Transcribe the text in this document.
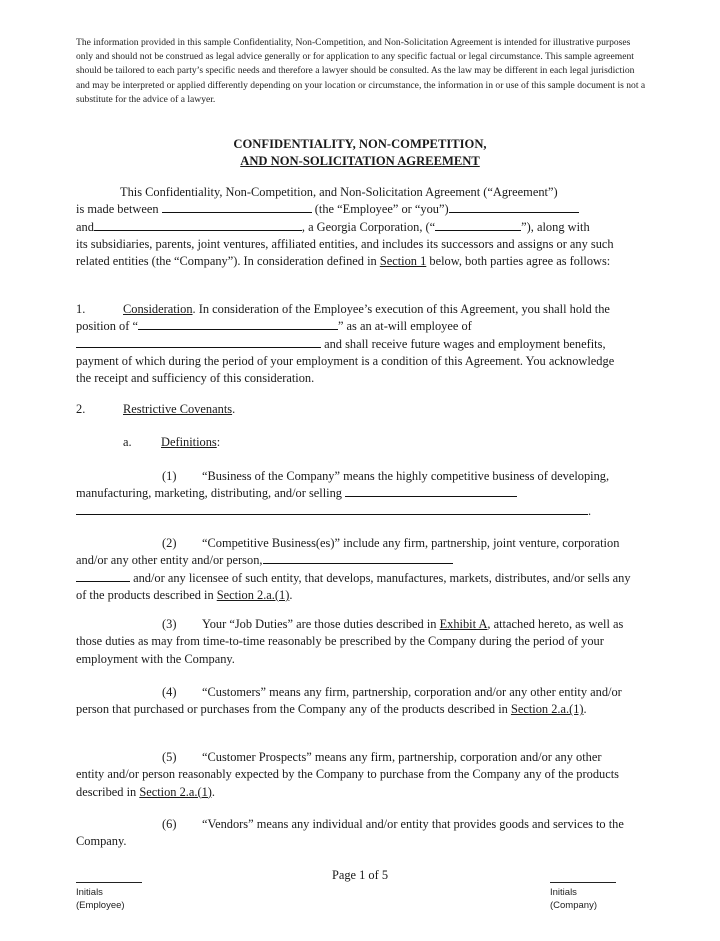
The information provided in this sample Confidentiality, Non-Competition, and Non-Solicitation Agreement is intended for illustrative purposes only and should not be construed as legal advice generally or for application to any specific factual or legal circumstance. This sample agreement should be tailored to each party’s specific needs and therefore a lawyer should be consulted. As the law may be different in each legal jurisdiction and may be interpreted or applied differently depending on your location or circumstance, the information in or use of this sample document is not a substitute for the advice of a lawyer.
CONFIDENTIALITY, NON-COMPETITION,
AND NON-SOLICITATION AGREEMENT
This Confidentiality, Non-Competition, and Non-Solicitation Agreement (“Agreement”)
is made between	(the “Employee” or “you”)
and	, a Georgia Corporation, (“	”), along with
its subsidiaries, parents, joint ventures, affiliated entities, and includes its successors and assigns or any such related entities (the “Company”). In consideration defined in Section 1 below, both parties agree as follows:
1.	Consideration. In consideration of the Employee’s execution of this Agreement, you shall hold the position of “	” as an at-will employee of
and shall receive future wages and employment benefits, payment of which during the period of your employment is a condition of this Agreement. You acknowledge the receipt and sufficiency of this consideration.
2.	Restrictive Covenants.
a. Definitions:
(1) “Business of the Company” means the highly competitive business of developing, manufacturing, marketing, distributing, and/or selling
.
(2) “Competitive Business(es)” include any firm, partnership, joint venture, corporation and/or any other entity and/or person,
and/or any licensee of such entity, that develops, manufactures, markets, distributes, and/or sells any of the products described in Section 2.a.(1).
(3) Your “Job Duties” are those duties described in Exhibit A, attached hereto, as well as those duties as may from time-to-time reasonably be prescribed by the Company during the period of your employment with the Company.
(4) “Customers” means any firm, partnership, corporation and/or any other entity and/or person that purchased or purchases from the Company any of the products described in Section 2.a.(1).
(5) “Customer Prospects” means any firm, partnership, corporation and/or any other entity and/or person reasonably expected by the Company to purchase from the Company any of the products described in Section 2.a.(1).
(6) “Vendors” means any individual and/or entity that provides goods and services to the Company.
Page 1 of 5
Initials
(Employee)
Initials
(Company)
